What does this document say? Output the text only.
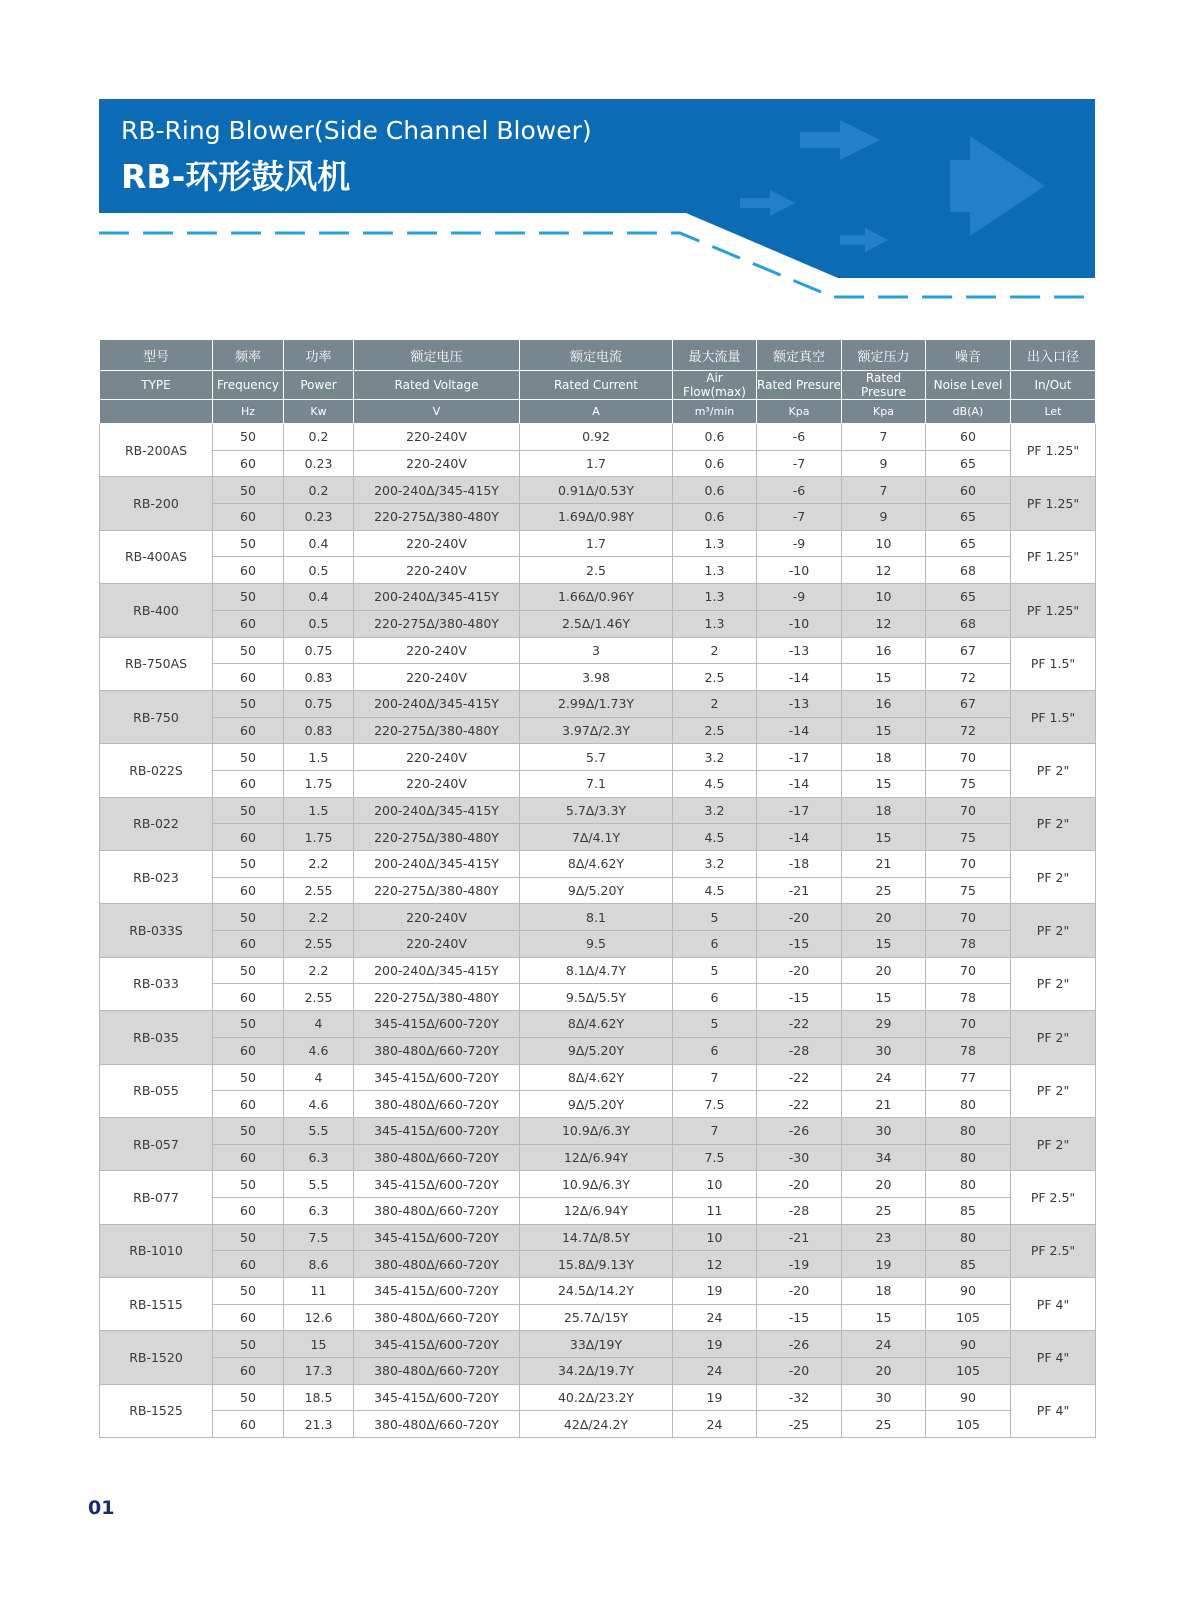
RB-Ring Blower(Side Channel Blower)
RB-环形鼓风机
型号	频率	功率	额定电压	额定电流	最大流量	额定真空	额定压力	噪音	出入口径
TYPE	Frequency	Power	Rated Voltage	Rated Current	Air Flow(max)	Rated Presure	Rated Presure	Noise Level	In/Out
	Hz	Kw	V	A	m³/min	Kpa	Kpa	dB(A)	Let
RB-200AS	50	0.2	220-240V	0.92	0.6	-6	7	60	PF 1.25"
	60	0.23	220-240V	1.7	0.6	-7	9	65	
RB-200	50	0.2	200-240Δ/345-415Y	0.91Δ/0.53Y	0.6	-6	7	60	PF 1.25"
	60	0.23	220-275Δ/380-480Y	1.69Δ/0.98Y	0.6	-7	9	65	
RB-400AS	50	0.4	220-240V	1.7	1.3	-9	10	65	PF 1.25"
	60	0.5	220-240V	2.5	1.3	-10	12	68	
RB-400	50	0.4	200-240Δ/345-415Y	1.66Δ/0.96Y	1.3	-9	10	65	PF 1.25"
	60	0.5	220-275Δ/380-480Y	2.5Δ/1.46Y	1.3	-10	12	68	
RB-750AS	50	0.75	220-240V	3	2	-13	16	67	PF 1.5"
	60	0.83	220-240V	3.98	2.5	-14	15	72	
RB-750	50	0.75	200-240Δ/345-415Y	2.99Δ/1.73Y	2	-13	16	67	PF 1.5"
	60	0.83	220-275Δ/380-480Y	3.97Δ/2.3Y	2.5	-14	15	72	
RB-022S	50	1.5	220-240V	5.7	3.2	-17	18	70	PF 2"
	60	1.75	220-240V	7.1	4.5	-14	15	75	
RB-022	50	1.5	200-240Δ/345-415Y	5.7Δ/3.3Y	3.2	-17	18	70	PF 2"
	60	1.75	220-275Δ/380-480Y	7Δ/4.1Y	4.5	-14	15	75	
RB-023	50	2.2	200-240Δ/345-415Y	8Δ/4.62Y	3.2	-18	21	70	PF 2"
	60	2.55	220-275Δ/380-480Y	9Δ/5.20Y	4.5	-21	25	75	
RB-033S	50	2.2	220-240V	8.1	5	-20	20	70	PF 2"
	60	2.55	220-240V	9.5	6	-15	15	78	
RB-033	50	2.2	200-240Δ/345-415Y	8.1Δ/4.7Y	5	-20	20	70	PF 2"
	60	2.55	220-275Δ/380-480Y	9.5Δ/5.5Y	6	-15	15	78	
RB-035	50	4	345-415Δ/600-720Y	8Δ/4.62Y	5	-22	29	70	PF 2"
	60	4.6	380-480Δ/660-720Y	9Δ/5.20Y	6	-28	30	78	
RB-055	50	4	345-415Δ/600-720Y	8Δ/4.62Y	7	-22	24	77	PF 2"
	60	4.6	380-480Δ/660-720Y	9Δ/5.20Y	7.5	-22	21	80	
RB-057	50	5.5	345-415Δ/600-720Y	10.9Δ/6.3Y	7	-26	30	80	PF 2"
	60	6.3	380-480Δ/660-720Y	12Δ/6.94Y	7.5	-30	34	80	
RB-077	50	5.5	345-415Δ/600-720Y	10.9Δ/6.3Y	10	-20	20	80	PF 2.5"
	60	6.3	380-480Δ/660-720Y	12Δ/6.94Y	11	-28	25	85	
RB-1010	50	7.5	345-415Δ/600-720Y	14.7Δ/8.5Y	10	-21	23	80	PF 2.5"
	60	8.6	380-480Δ/660-720Y	15.8Δ/9.13Y	12	-19	19	85	
RB-1515	50	11	345-415Δ/600-720Y	24.5Δ/14.2Y	19	-20	18	90	PF 4"
	60	12.6	380-480Δ/660-720Y	25.7Δ/15Y	24	-15	15	105	
RB-1520	50	15	345-415Δ/600-720Y	33Δ/19Y	19	-26	24	90	PF 4"
	60	17.3	380-480Δ/660-720Y	34.2Δ/19.7Y	24	-20	20	105	
RB-1525	50	18.5	345-415Δ/600-720Y	40.2Δ/23.2Y	19	-32	30	90	PF 4"
	60	21.3	380-480Δ/660-720Y	42Δ/24.2Y	24	-25	25	105	
01
